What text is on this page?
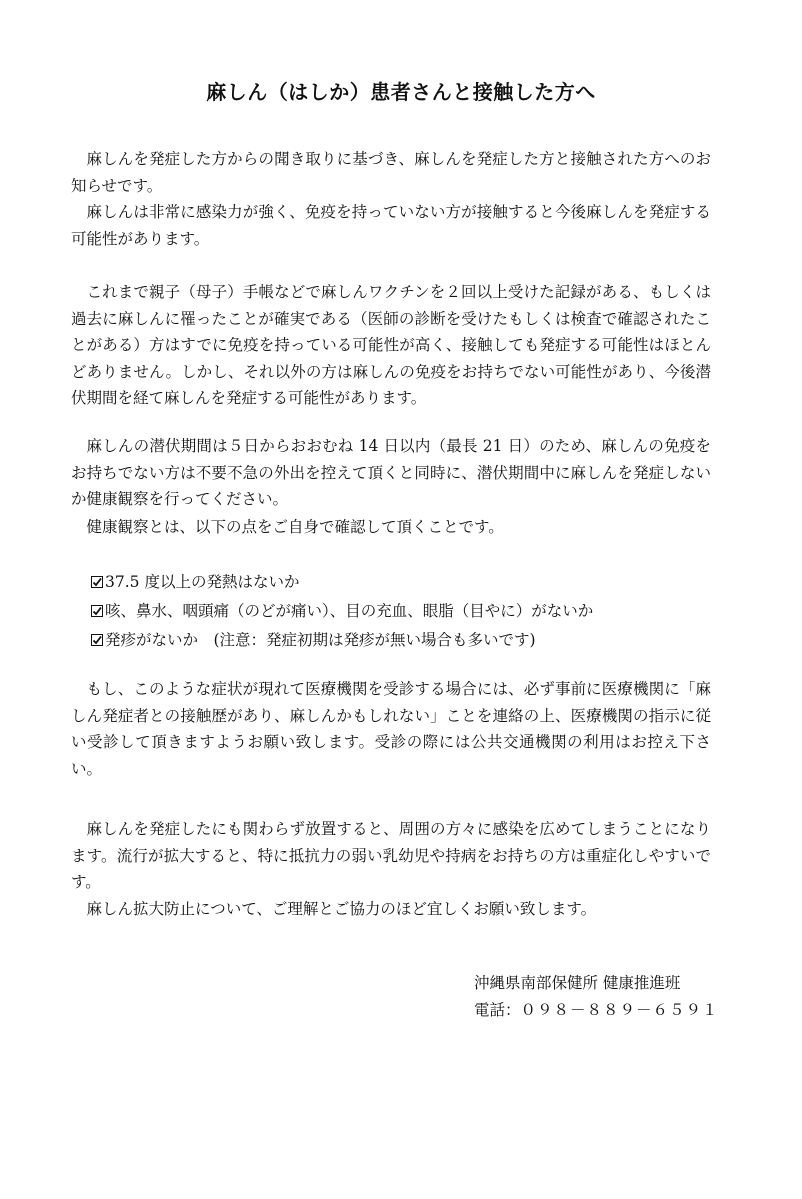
麻しん（はしか）患者さんと接触した方へ

麻しんを発症した方からの聞き取りに基づき、麻しんを発症した方と接触された方へのお知らせです。

麻しんは非常に感染力が強く、免疫を持っていない方が接触すると今後麻しんを発症する可能性があります。

これまで親子（母子）手帳などで麻しんワクチンを２回以上受けた記録がある、もしくは過去に麻しんに罹ったことが確実である（医師の診断を受けたもしくは検査で確認されたことがある）方はすでに免疫を持っている可能性が高く、接触しても発症する可能性はほとんどありません。しかし、それ以外の方は麻しんの免疫をお持ちでない可能性があり、今後潜伏期間を経て麻しんを発症する可能性があります。

麻しんの潜伏期間は５日からおおむね 14 日以内（最長 21 日）のため、麻しんの免疫をお持ちでない方は不要不急の外出を控えて頂くと同時に、潜伏期間中に麻しんを発症しないか健康観察を行ってください。

健康観察とは、以下の点をご自身で確認して頂くことです。

37.5 度以上の発熱はないか
咳、鼻水、咽頭痛（のどが痛い）、目の充血、眼脂（目やに）がないか
発疹がないか　(注意：発症初期は発疹が無い場合も多いです)

もし、このような症状が現れて医療機関を受診する場合には、必ず事前に医療機関に「麻しん発症者との接触歴があり、麻しんかもしれない」ことを連絡の上、医療機関の指示に従い受診して頂きますようお願い致します。受診の際には公共交通機関の利用はお控え下さい。

麻しんを発症したにも関わらず放置すると、周囲の方々に感染を広めてしまうことになります。流行が拡大すると、特に抵抗力の弱い乳幼児や持病をお持ちの方は重症化しやすいです。

麻しん拡大防止について、ご理解とご協力のほど宜しくお願い致します。

沖縄県南部保健所 健康推進班
電話：０９８－８８９－６５９１
